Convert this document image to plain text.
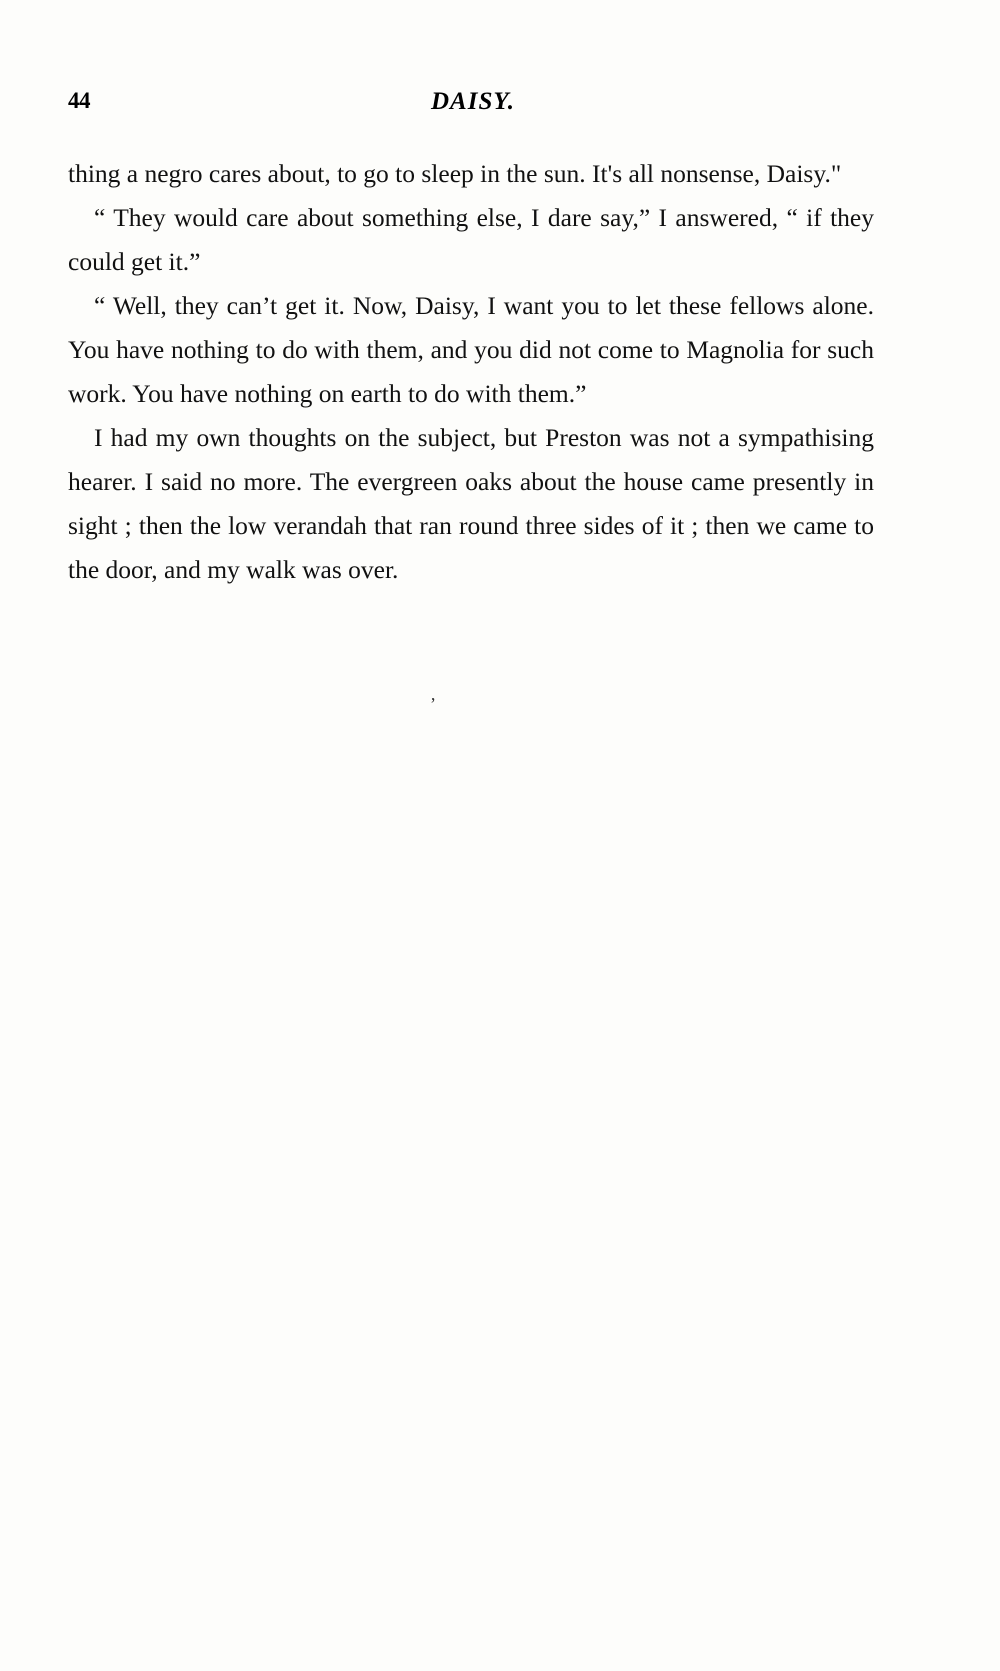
44	DAISY.

thing a negro cares about, to go to sleep in the sun. It's all nonsense, Daisy."

“ They would care about something else, I dare say,” I answered, “ if they could get it.”

“ Well, they can’t get it. Now, Daisy, I want you to let these fellows alone. You have nothing to do with them, and you did not come to Magnolia for such work. You have nothing on earth to do with them.”

I had my own thoughts on the subject, but Preston was not a sympathising hearer. I said no more. The evergreen oaks about the house came presently in sight ; then the low verandah that ran round three sides of it ; then we came to the door, and my walk was over.

’
